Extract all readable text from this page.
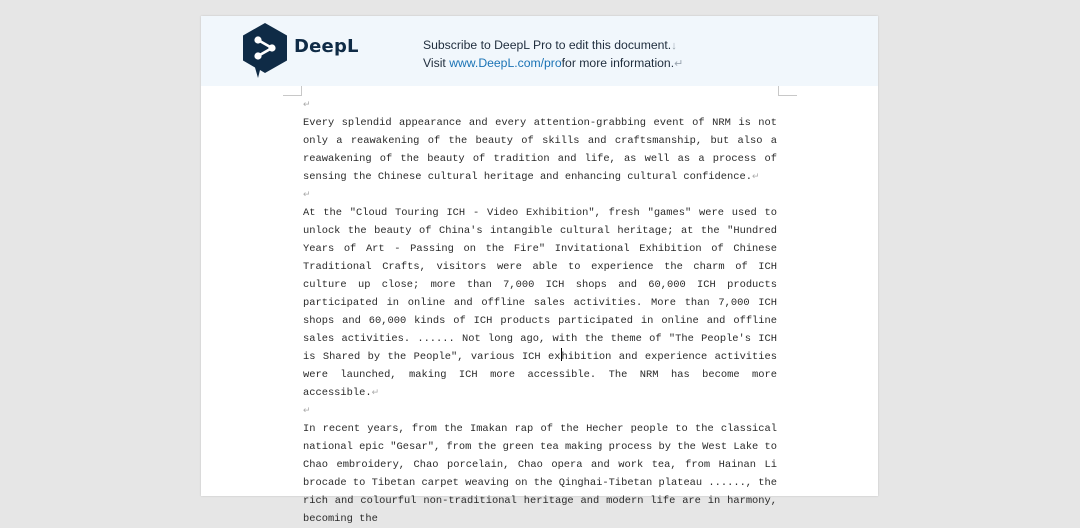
DeepL	Subscribe to DeepL Pro to edit this document.↓
Visit www.DeepL.com/profor more information.↵
↵
Every splendid appearance and every attention-grabbing event of NRM is not only a reawakening of the beauty of skills and craftsmanship, but also a reawakening of the beauty of tradition and life, as well as a process of sensing the Chinese cultural heritage and enhancing cultural confidence.↵
↵
At the "Cloud Touring ICH - Video Exhibition", fresh "games" were used to unlock the beauty of China's intangible cultural heritage; at the "Hundred Years of Art - Passing on the Fire" Invitational Exhibition of Chinese Traditional Crafts, visitors were able to experience the charm of ICH culture up close; more than 7,000 ICH shops and 60,000 ICH products participated in online and offline sales activities. More than 7,000 ICH shops and 60,000 kinds of ICH products participated in online and offline sales activities. ...... Not long ago, with the theme of "The People's ICH is Shared by the People", various ICH exhibition and experience activities were launched, making ICH more accessible. The NRM has become more accessible.↵
↵
In recent years, from the Imakan rap of the Hecher people to the classical national epic "Gesar", from the green tea making process by the West Lake to Chao embroidery, Chao porcelain, Chao opera and work tea, from Hainan Li brocade to Tibetan carpet weaving on the Qinghai-Tibetan plateau ......, the rich and colourful non-traditional heritage and modern life are in harmony, becoming the
